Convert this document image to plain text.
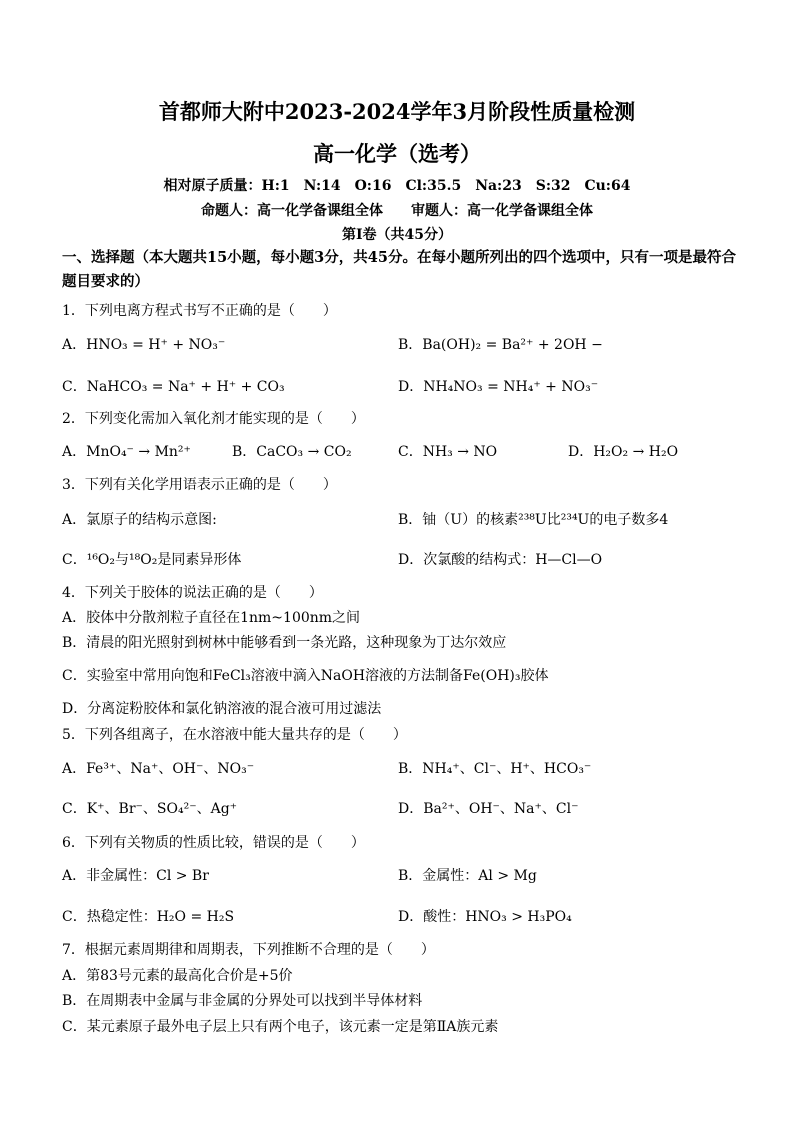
首都师大附中2023-2024学年3月阶段性质量检测
高一化学（选考）
相对原子质量：H:1　N:14　O:16　Cl:35.5　Na:23　S:32　Cu:64
命题人：高一化学备课组全体　　审题人：高一化学备课组全体
第Ⅰ卷（共45分）
一、选择题（本大题共15小题，每小题3分，共45分。在每小题所列出的四个选项中，只有一项是最符合题目要求的）
1．下列电离方程式书写不正确的是（　　）
A．HNO₃ = H⁺ + NO₃⁻	B．Ba(OH)₂ = Ba²⁺ + 2OH −
C．NaHCO₃ = Na⁺ + H⁺ + CO₃	D．NH₄NO₃ = NH₄⁺ + NO₃⁻
2．下列变化需加入氧化剂才能实现的是（　　）
A．MnO₄⁻ → Mn²⁺	B．CaCO₃ → CO₂	C．NH₃ → NO	D．H₂O₂ → H₂O
3．下列有关化学用语表示正确的是（　　）
A．氯原子的结构示意图:	B．铀（U）的核素²³⁸U比²³⁴U的电子数多4
C．¹⁶O₂与¹⁸O₂是同素异形体	D．次氯酸的结构式：H—Cl—O
4．下列关于胶体的说法正确的是（　　）
A．胶体中分散剂粒子直径在1nm~100nm之间
B．清晨的阳光照射到树林中能够看到一条光路，这种现象为丁达尔效应
C．实验室中常用向饱和FeCl₃溶液中滴入NaOH溶液的方法制备Fe(OH)₃胶体
D．分离淀粉胶体和氯化钠溶液的混合液可用过滤法
5．下列各组离子，在水溶液中能大量共存的是（　　）
A．Fe³⁺、Na⁺、OH⁻、NO₃⁻	B．NH₄⁺、Cl⁻、H⁺、HCO₃⁻
C．K⁺、Br⁻、SO₄²⁻、Ag⁺	D．Ba²⁺、OH⁻、Na⁺、Cl⁻
6．下列有关物质的性质比较，错误的是（　　）
A．非金属性：Cl > Br	B．金属性：Al > Mg
C．热稳定性：H₂O = H₂S	D．酸性：HNO₃ > H₃PO₄
7．根据元素周期律和周期表，下列推断不合理的是（　　）
A．第83号元素的最高化合价是+5价
B．在周期表中金属与非金属的分界处可以找到半导体材料
C．某元素原子最外电子层上只有两个电子，该元素一定是第ⅡA族元素
